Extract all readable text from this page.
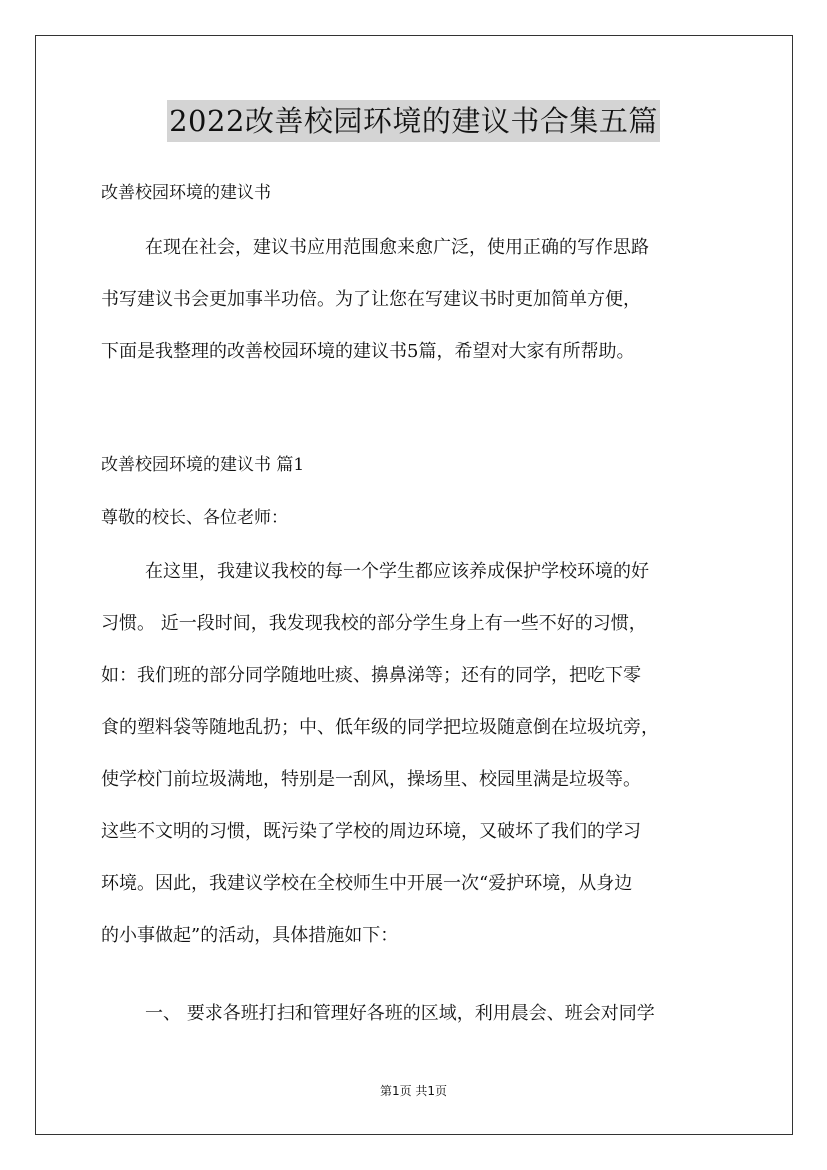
2022改善校园环境的建议书合集五篇
改善校园环境的建议书
在现在社会，建议书应用范围愈来愈广泛，使用正确的写作思路
书写建议书会更加事半功倍。为了让您在写建议书时更加简单方便，
下面是我整理的改善校园环境的建议书5篇，希望对大家有所帮助。
改善校园环境的建议书 篇1
尊敬的校长、各位老师：
在这里，我建议我校的每一个学生都应该养成保护学校环境的好
习惯。 近一段时间，我发现我校的部分学生身上有一些不好的习惯，
如：我们班的部分同学随地吐痰、擤鼻涕等；还有的同学，把吃下零
食的塑料袋等随地乱扔；中、低年级的同学把垃圾随意倒在垃圾坑旁，
使学校门前垃圾满地，特别是一刮风，操场里、校园里满是垃圾等。
这些不文明的习惯，既污染了学校的周边环境，又破坏了我们的学习
环境。因此，我建议学校在全校师生中开展一次“爱护环境，从身边
的小事做起”的活动，具体措施如下：
一、 要求各班打扫和管理好各班的区域，利用晨会、班会对同学
第1页 共1页
